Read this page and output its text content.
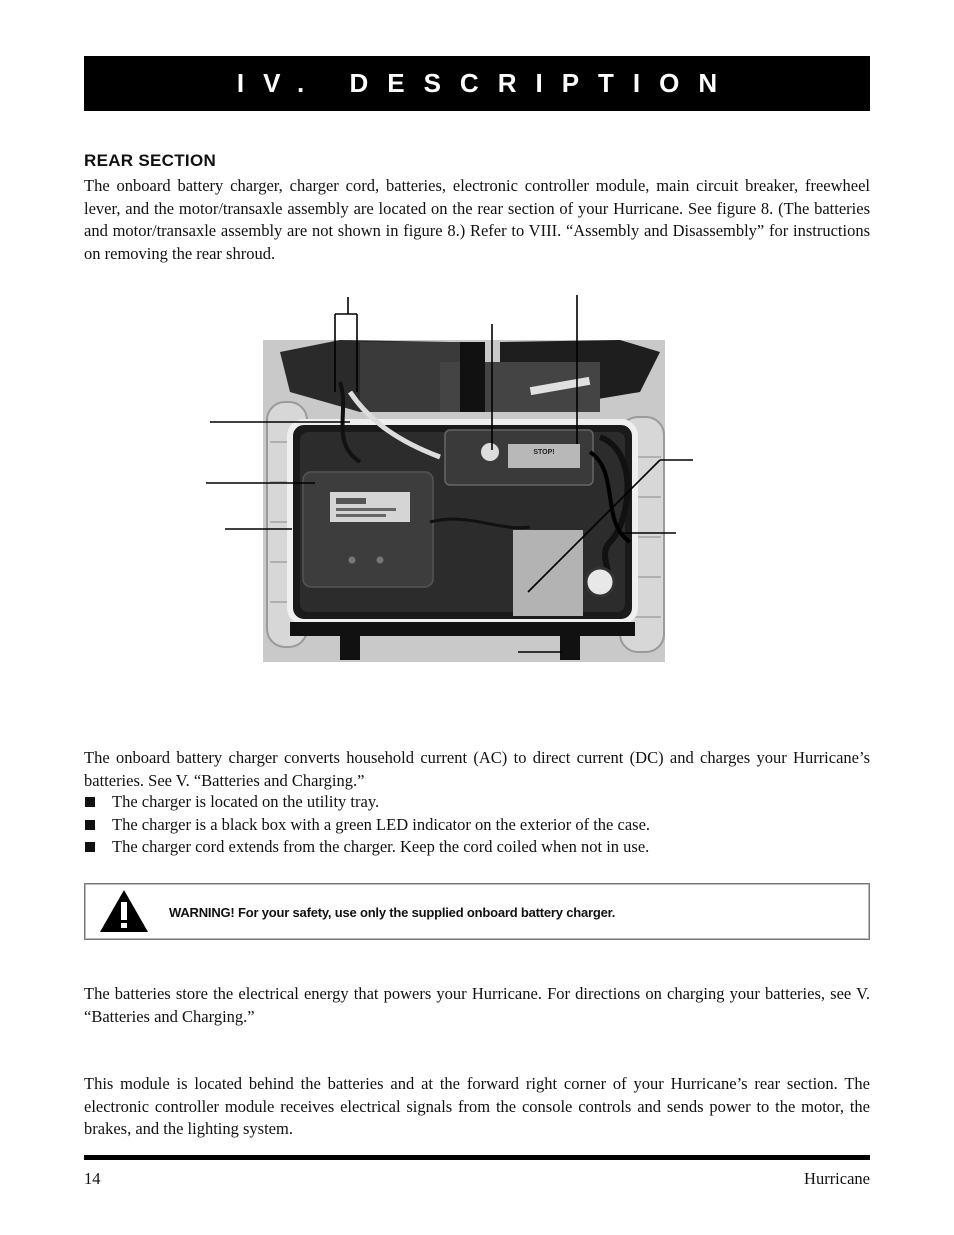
IV. DESCRIPTION
REAR SECTION
The onboard battery charger, charger cord, batteries, electronic controller module, main circuit breaker, freewheel lever, and the motor/transaxle assembly are located on the rear section of your Hurricane. See figure 8. (The batteries and motor/transaxle assembly are not shown in figure 8.) Refer to VIII. “Assembly and Disassembly” for instructions on removing the rear shroud.
STOP!
The onboard battery charger converts household current (AC) to direct current (DC) and charges your Hurricane’s batteries. See V. “Batteries and Charging.”
The charger is located on the utility tray.
The charger is a black box with a green LED indicator on the exterior of the case.
The charger cord extends from the charger. Keep the cord coiled when not in use.
WARNING! For your safety, use only the supplied onboard battery charger.
The batteries store the electrical energy that powers your Hurricane. For directions on charging your batteries, see V. “Batteries and Charging.”
This module is located behind the batteries and at the forward right corner of your Hurricane’s rear section. The electronic controller module receives electrical signals from the console controls and sends power to the motor, the brakes, and the lighting system.
14	Hurricane
